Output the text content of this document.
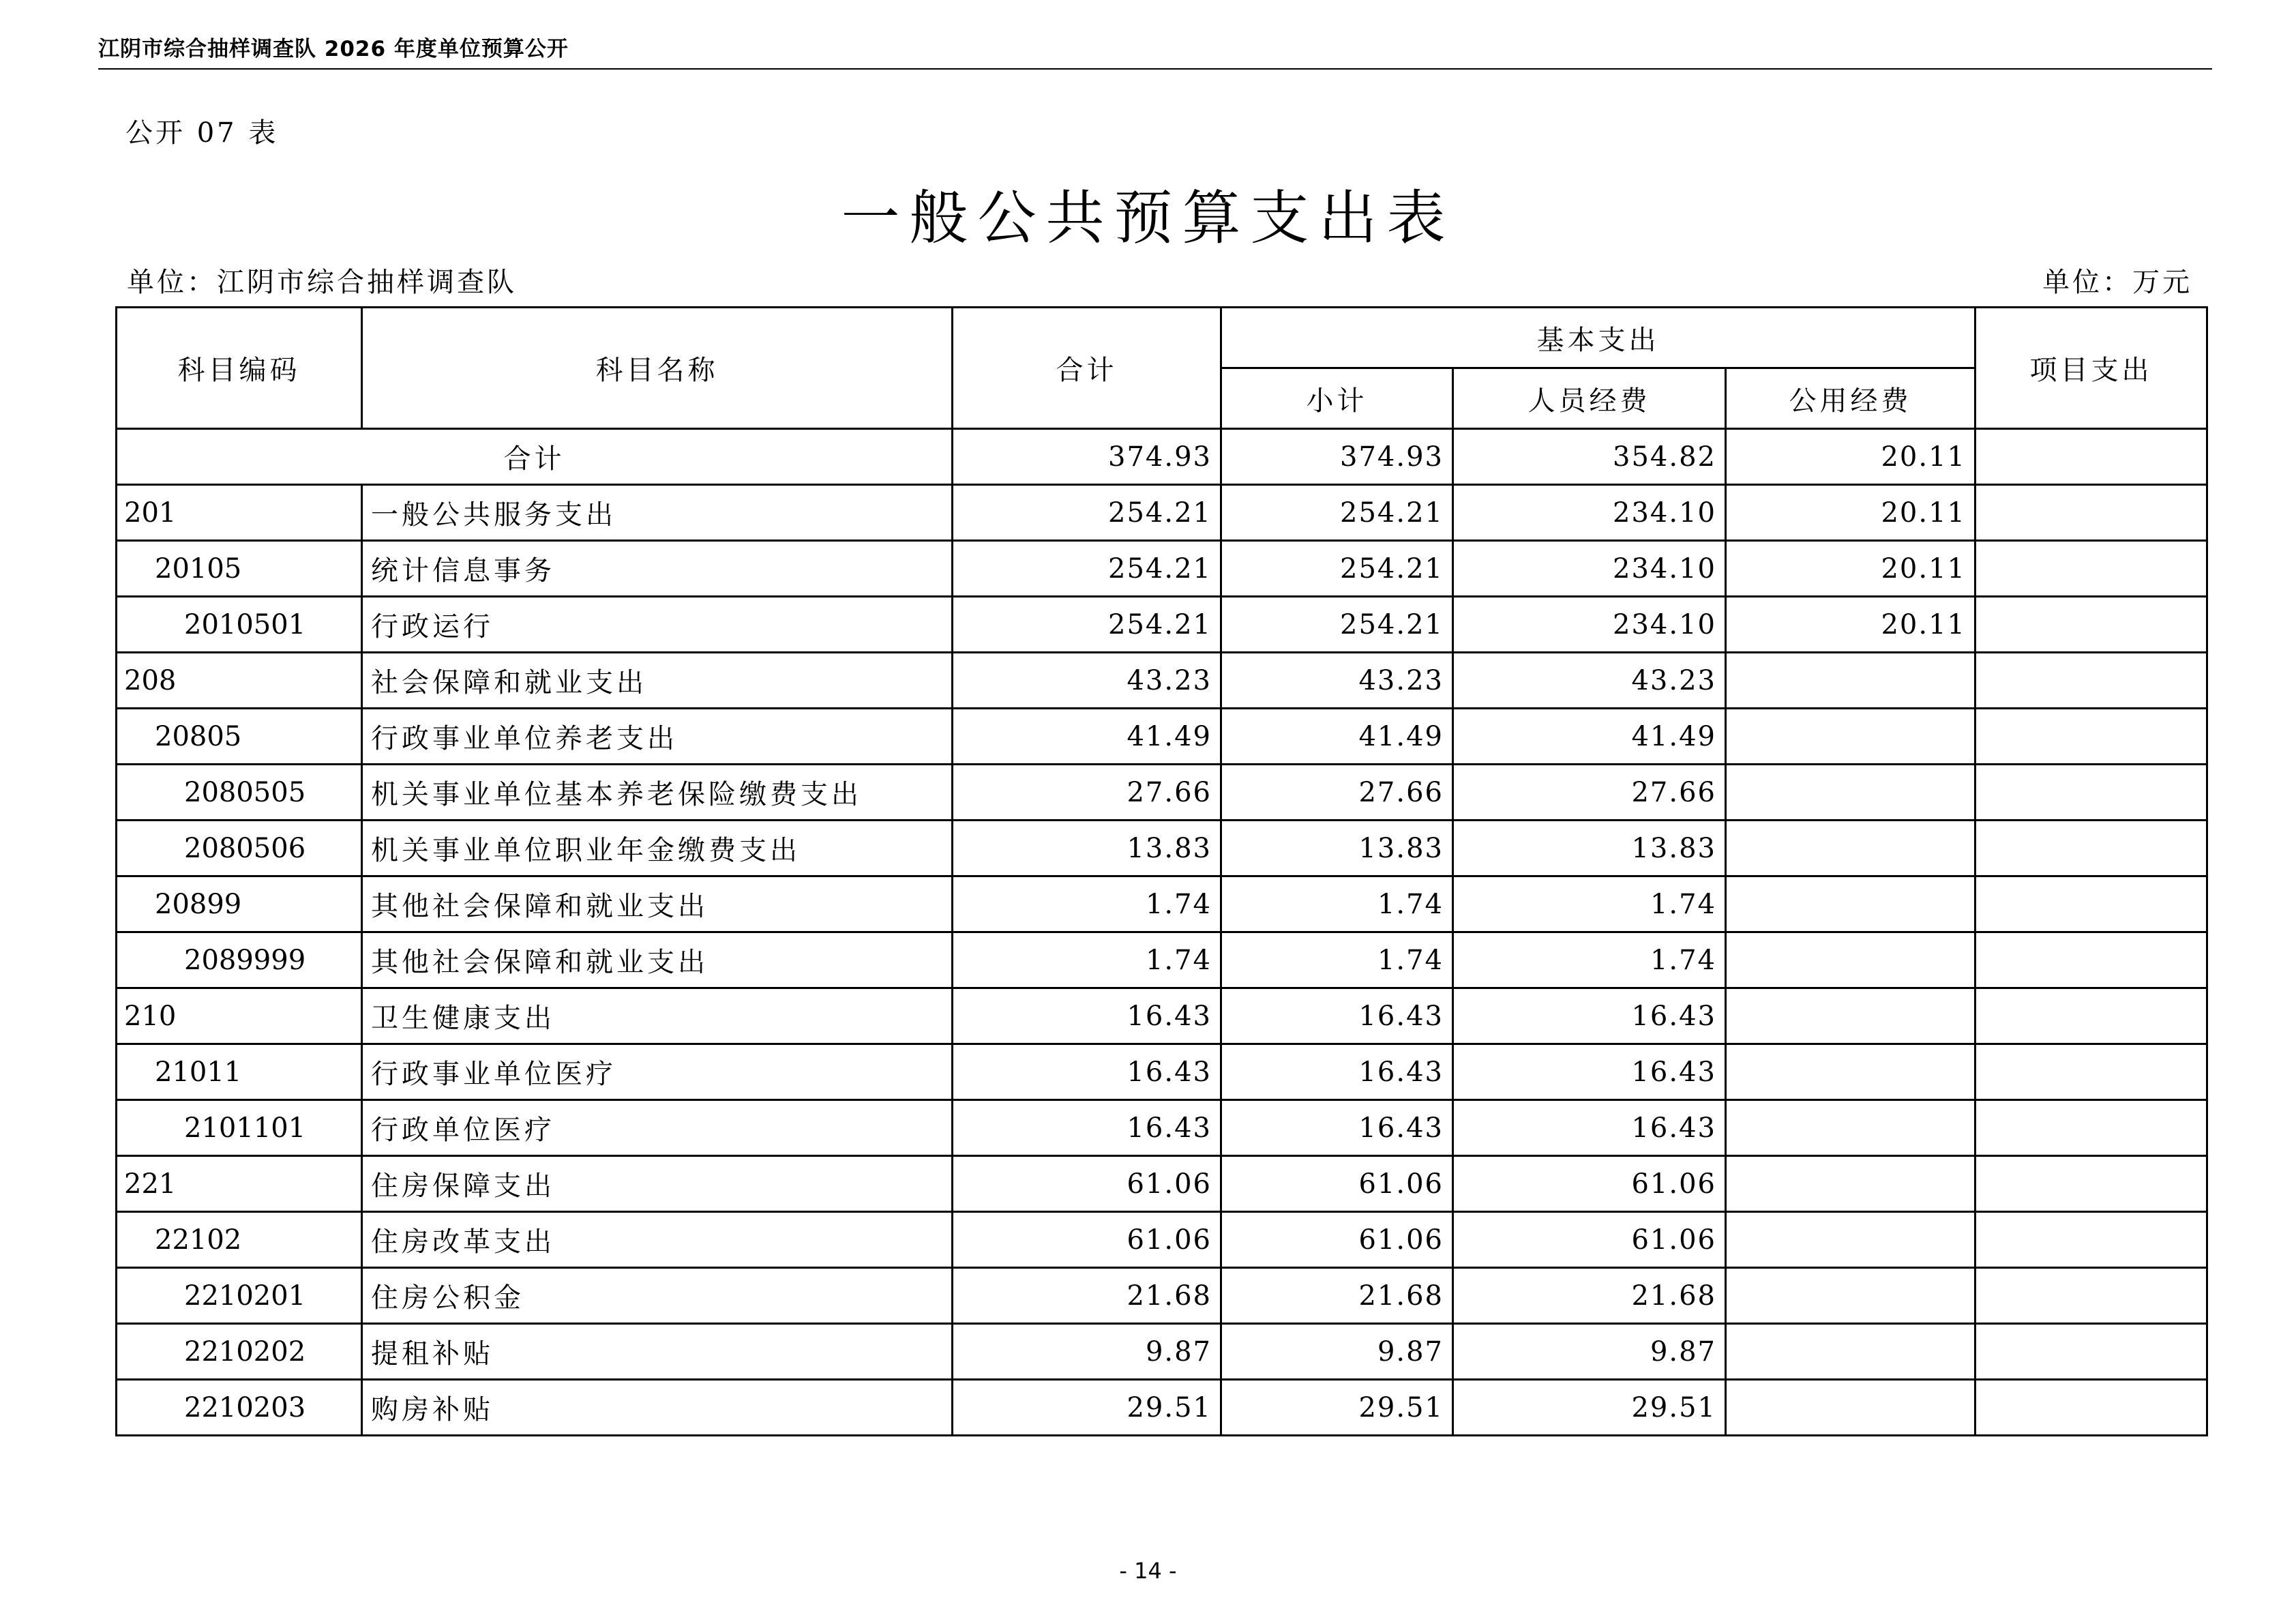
江阴市综合抽样调查队 2026 年度单位预算公开
公开 07 表
一般公共预算支出表
单位：江阴市综合抽样调查队	单位：万元
科目编码	科目名称	合计	基本支出			项目支出
			小计	人员经费	公用经费	
合计		374.93	374.93	354.82	20.11	
201	一般公共服务支出	254.21	254.21	234.10	20.11	
20105	统计信息事务	254.21	254.21	234.10	20.11	
2010501	行政运行	254.21	254.21	234.10	20.11	
208	社会保障和就业支出	43.23	43.23	43.23		
20805	行政事业单位养老支出	41.49	41.49	41.49		
2080505	机关事业单位基本养老保险缴费支出	27.66	27.66	27.66		
2080506	机关事业单位职业年金缴费支出	13.83	13.83	13.83		
20899	其他社会保障和就业支出	1.74	1.74	1.74		
2089999	其他社会保障和就业支出	1.74	1.74	1.74		
210	卫生健康支出	16.43	16.43	16.43		
21011	行政事业单位医疗	16.43	16.43	16.43		
2101101	行政单位医疗	16.43	16.43	16.43		
221	住房保障支出	61.06	61.06	61.06		
22102	住房改革支出	61.06	61.06	61.06		
2210201	住房公积金	21.68	21.68	21.68		
2210202	提租补贴	9.87	9.87	9.87		
2210203	购房补贴	29.51	29.51	29.51		
- 14 -
